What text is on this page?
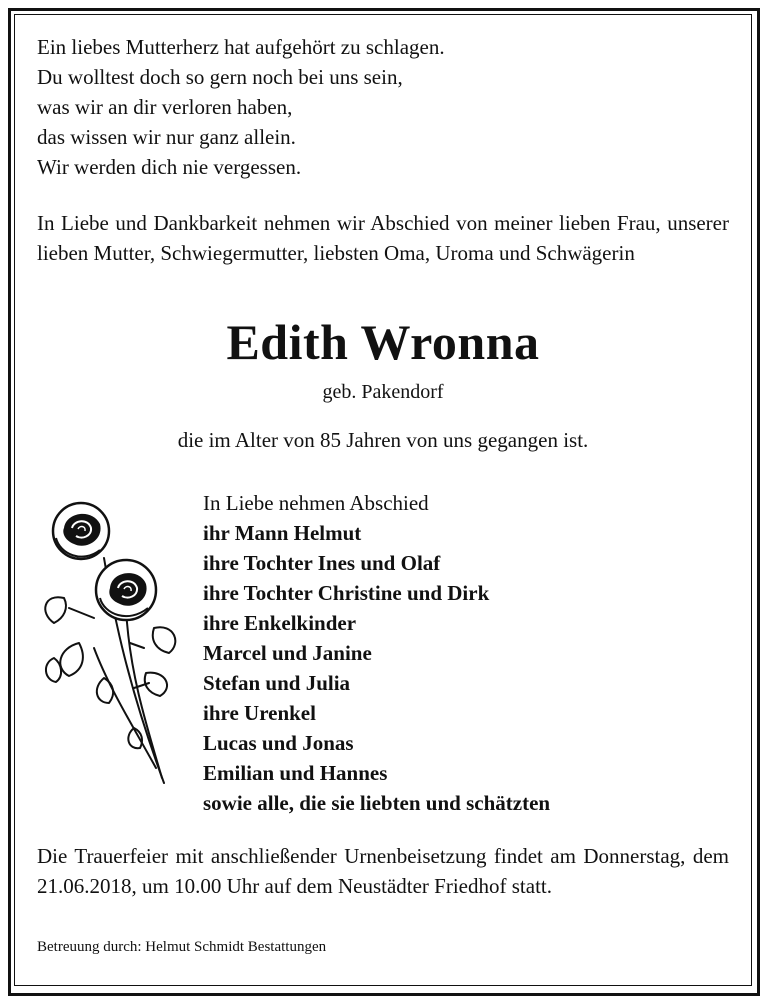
Ein liebes Mutterherz hat aufgehört zu schlagen.
Du wolltest doch so gern noch bei uns sein,
was wir an dir verloren haben,
das wissen wir nur ganz allein.
Wir werden dich nie vergessen.
In Liebe und Dankbarkeit nehmen wir Abschied von meiner lieben Frau, unserer lieben Mutter, Schwiegermutter, liebsten Oma, Uroma und Schwägerin
Edith Wronna
geb. Pakendorf
die im Alter von 85 Jahren von uns gegangen ist.
In Liebe nehmen Abschied
ihr Mann Helmut
ihre Tochter Ines und Olaf
ihre Tochter Christine und Dirk
ihre Enkelkinder
Marcel und Janine
Stefan und Julia
ihre Urenkel
Lucas und Jonas
Emilian und Hannes
sowie alle, die sie liebten und schätzten
Die Trauerfeier mit anschließender Urnenbeisetzung findet am Donnerstag, dem 21.06.2018, um 10.00 Uhr auf dem Neustädter Friedhof statt.
Betreuung durch: Helmut Schmidt Bestattungen
